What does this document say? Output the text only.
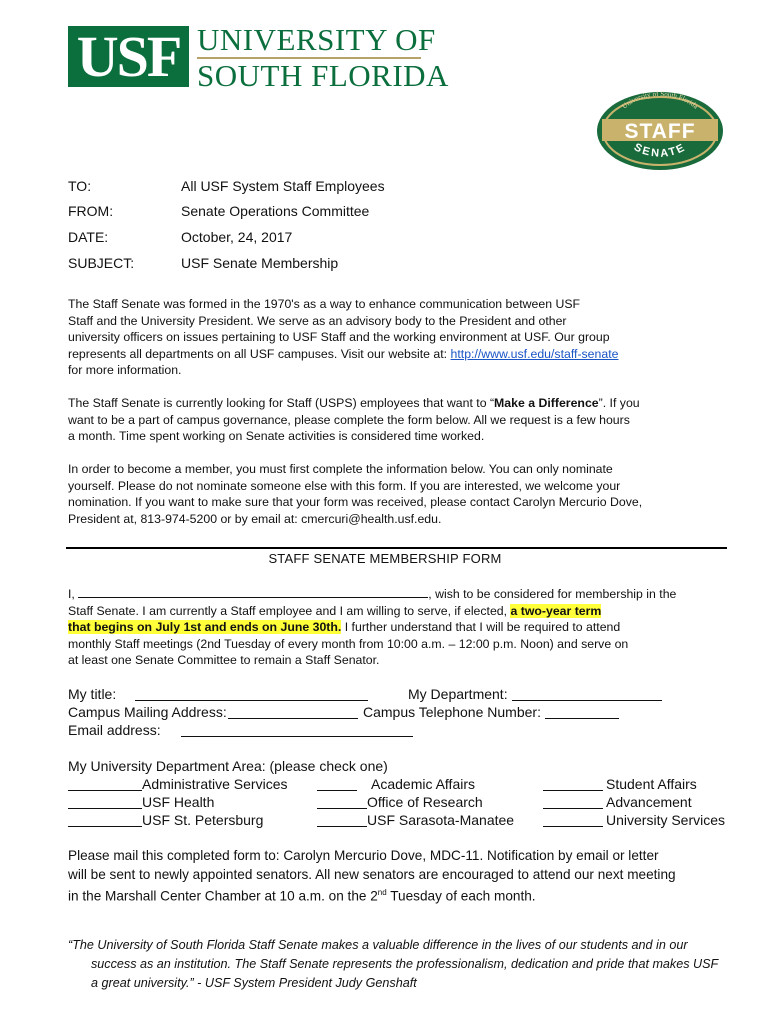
USF UNIVERSITY OF
SOUTH FLORIDA
STAFF
University of South Florida
SENATE
TO:	All USF System Staff Employees
FROM:	Senate Operations Committee
DATE:	October, 24, 2017
SUBJECT:	USF Senate Membership
The Staff Senate was formed in the 1970's as a way to enhance communication between USF
Staff and the University President. We serve as an advisory body to the President and other
university officers on issues pertaining to USF Staff and the working environment at USF. Our group
represents all departments on all USF campuses. Visit our website at: http://www.usf.edu/staff-senate
for more information.
The Staff Senate is currently looking for Staff (USPS) employees that want to “Make a Difference”. If you
want to be a part of campus governance, please complete the form below. All we request is a few hours
a month. Time spent working on Senate activities is considered time worked.
In order to become a member, you must first complete the information below. You can only nominate
yourself. Please do not nominate someone else with this form. If you are interested, we welcome your
nomination. If you want to make sure that your form was received, please contact Carolyn Mercurio Dove,
President at, 813-974-5200 or by email at: cmercuri@health.usf.edu.
STAFF SENATE MEMBERSHIP FORM
I,	, wish to be considered for membership in the
Staff Senate. I am currently a Staff employee and I am willing to serve, if elected, a two-year term
that begins on July 1st and ends on June 30th. I further understand that I will be required to attend
monthly Staff meetings (2nd Tuesday of every month from 10:00 a.m. – 12:00 p.m. Noon) and serve on
at least one Senate Committee to remain a Staff Senator.
My title:	My Department:
Campus Mailing Address:	Campus Telephone Number:
Email address:
My University Department Area: (please check one)
Administrative Services	Academic Affairs	Student Affairs
USF Health	Office of Research	Advancement
USF St. Petersburg	USF Sarasota-Manatee	University Services
Please mail this completed form to: Carolyn Mercurio Dove, MDC-11. Notification by email or letter
will be sent to newly appointed senators. All new senators are encouraged to attend our next meeting
in the Marshall Center Chamber at 10 a.m. on the 2nd Tuesday of each month.
“The University of South Florida Staff Senate makes a valuable difference in the lives of our students and in our
success as an institution. The Staff Senate represents the professionalism, dedication and pride that makes USF
a great university.” - USF System President Judy Genshaft
